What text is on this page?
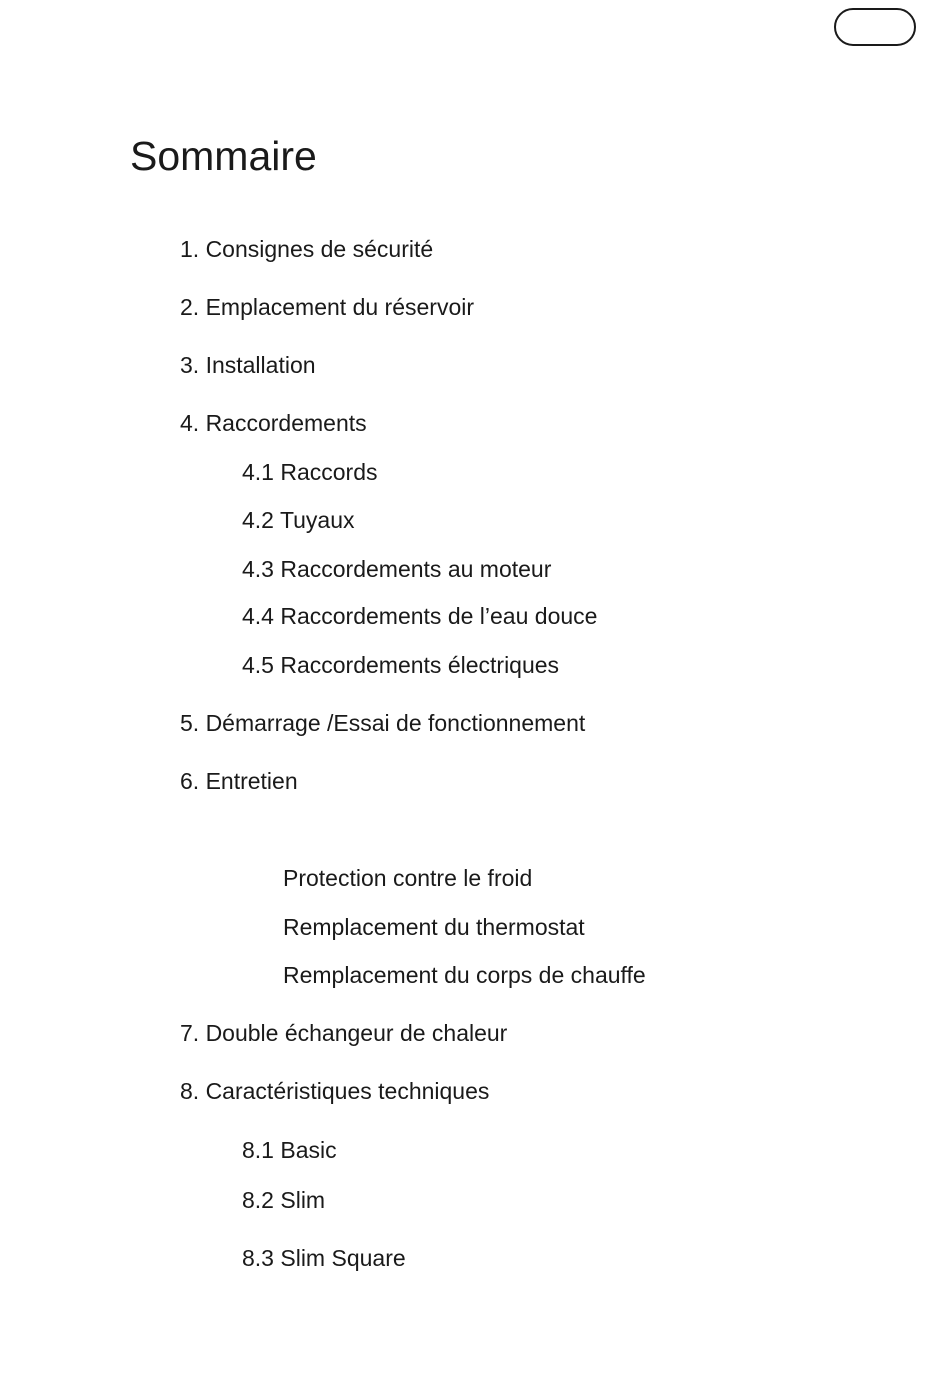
Sommaire
1. Consignes de sécurité
2. Emplacement du réservoir
3. Installation
4. Raccordements
4.1 Raccords
4.2 Tuyaux
4.3 Raccordements au moteur
4.4 Raccordements de l’eau douce
4.5 Raccordements électriques
5. Démarrage /Essai de fonctionnement
6. Entretien
Protection contre le froid
Remplacement du thermostat
Remplacement du corps de chauffe
7. Double échangeur de chaleur
8. Caractéristiques techniques
8.1 Basic
8.2 Slim
8.3 Slim Square
